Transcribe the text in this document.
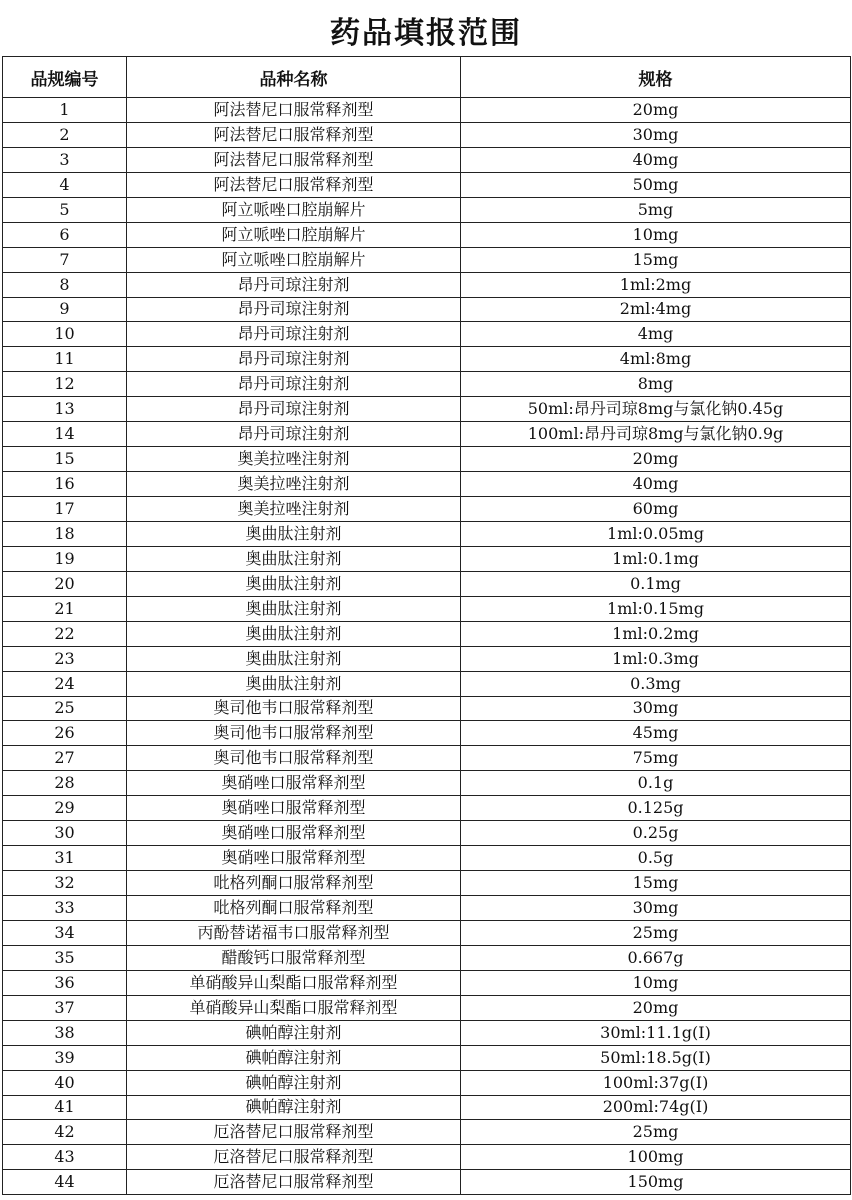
药品填报范围
品规编号	品种名称	规格
1	阿法替尼口服常释剂型	20mg
2	阿法替尼口服常释剂型	30mg
3	阿法替尼口服常释剂型	40mg
4	阿法替尼口服常释剂型	50mg
5	阿立哌唑口腔崩解片	5mg
6	阿立哌唑口腔崩解片	10mg
7	阿立哌唑口腔崩解片	15mg
8	昂丹司琼注射剂	1ml:2mg
9	昂丹司琼注射剂	2ml:4mg
10	昂丹司琼注射剂	4mg
11	昂丹司琼注射剂	4ml:8mg
12	昂丹司琼注射剂	8mg
13	昂丹司琼注射剂	50ml:昂丹司琼8mg与氯化钠0.45g
14	昂丹司琼注射剂	100ml:昂丹司琼8mg与氯化钠0.9g
15	奥美拉唑注射剂	20mg
16	奥美拉唑注射剂	40mg
17	奥美拉唑注射剂	60mg
18	奥曲肽注射剂	1ml:0.05mg
19	奥曲肽注射剂	1ml:0.1mg
20	奥曲肽注射剂	0.1mg
21	奥曲肽注射剂	1ml:0.15mg
22	奥曲肽注射剂	1ml:0.2mg
23	奥曲肽注射剂	1ml:0.3mg
24	奥曲肽注射剂	0.3mg
25	奥司他韦口服常释剂型	30mg
26	奥司他韦口服常释剂型	45mg
27	奥司他韦口服常释剂型	75mg
28	奥硝唑口服常释剂型	0.1g
29	奥硝唑口服常释剂型	0.125g
30	奥硝唑口服常释剂型	0.25g
31	奥硝唑口服常释剂型	0.5g
32	吡格列酮口服常释剂型	15mg
33	吡格列酮口服常释剂型	30mg
34	丙酚替诺福韦口服常释剂型	25mg
35	醋酸钙口服常释剂型	0.667g
36	单硝酸异山梨酯口服常释剂型	10mg
37	单硝酸异山梨酯口服常释剂型	20mg
38	碘帕醇注射剂	30ml:11.1g(I)
39	碘帕醇注射剂	50ml:18.5g(I)
40	碘帕醇注射剂	100ml:37g(I)
41	碘帕醇注射剂	200ml:74g(I)
42	厄洛替尼口服常释剂型	25mg
43	厄洛替尼口服常释剂型	100mg
44	厄洛替尼口服常释剂型	150mg
